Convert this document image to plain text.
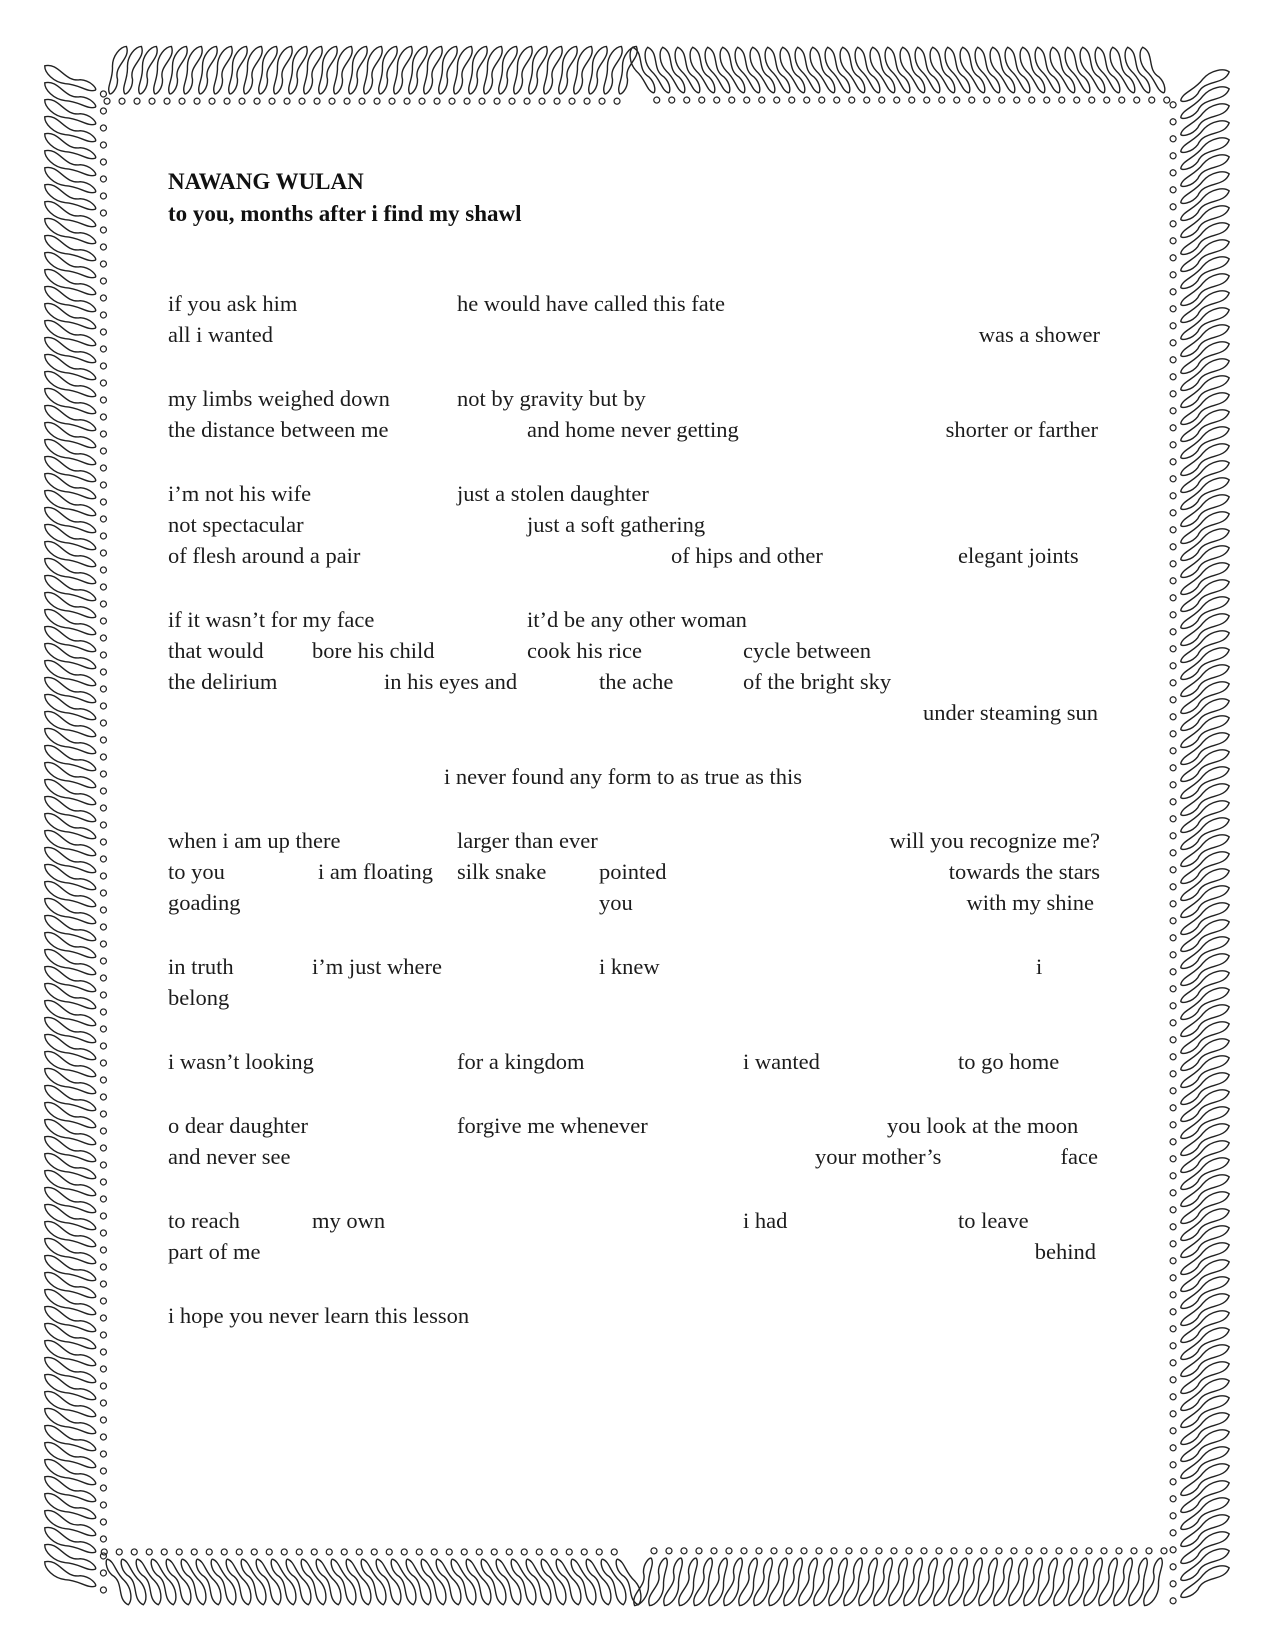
NAWANG WULAN
to you, months after i find my shawl
if you ask him	he would have called this fate
all i wanted	was a shower
my limbs weighed down	not by gravity but by
the distance between me	and home never getting	shorter or farther
i’m not his wife	just a stolen daughter
not spectacular	just a soft gathering
of flesh around a pair	of hips and other	elegant joints
if it wasn’t for my face	it’d be any other woman
that would bore his child	cook his rice	cycle between
the delirium	in his eyes and	the ache	of the bright sky
under steaming sun
i never found any form to as true as this
when i am up there	larger than ever	will you recognize me?
to you	i am floating silk snake pointed	towards the stars
goading	you	with my shine
in truth	i’m just where	i knew	i
belong
i wasn’t looking	for a kingdom	i wanted	to go home
o dear daughter	forgive me whenever	you look at the moon
and never see	your mother’s	face
to reach	my own	i had	to leave
part of me	behind
i hope you never learn this lesson
